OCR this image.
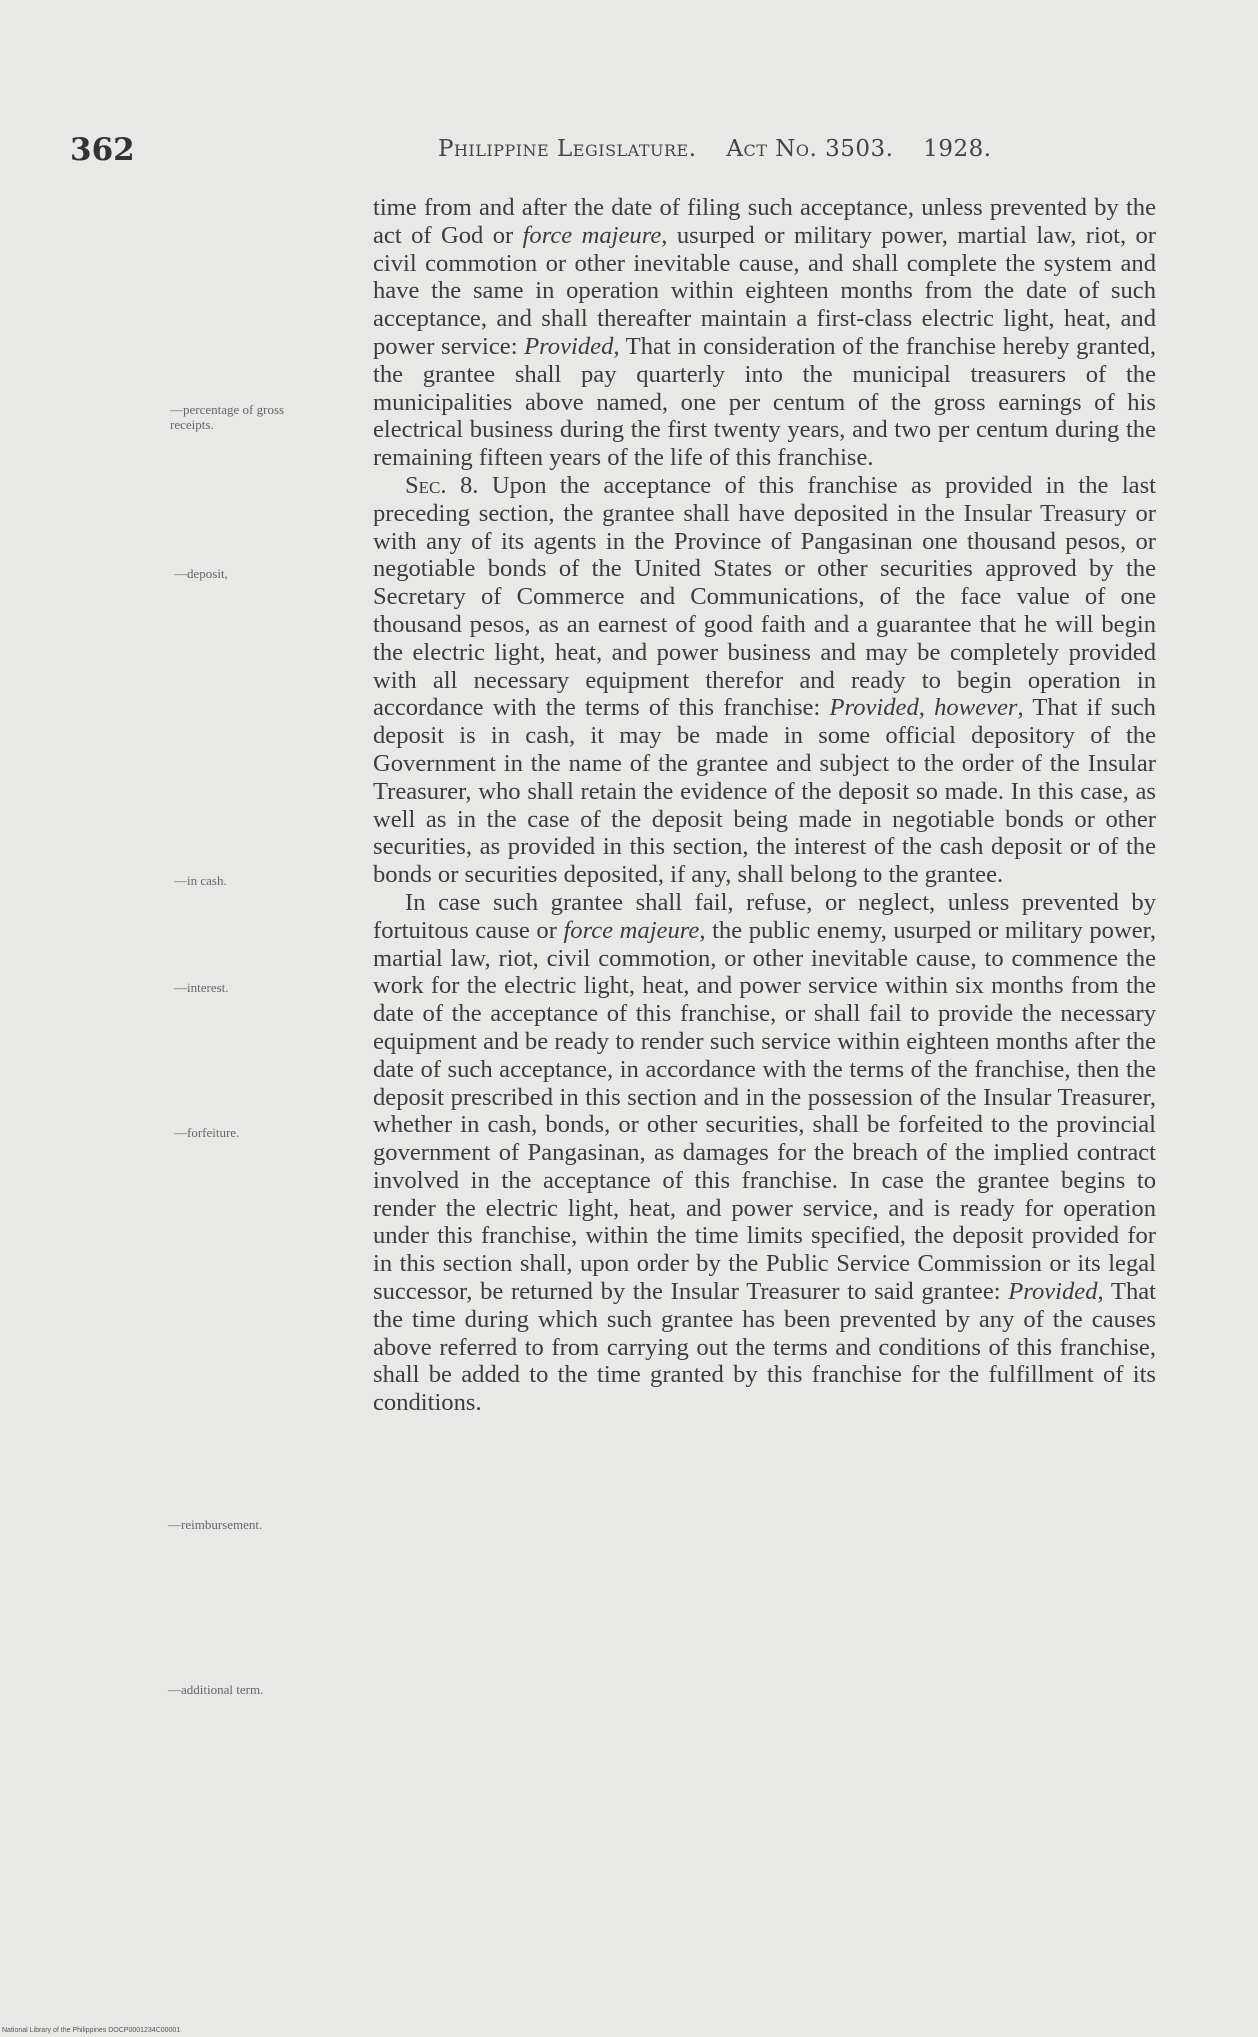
362	Philippine Legislature. Act No. 3503. 1928.
—percentage of gross
receipts.
—deposit,
—in cash.
—interest.
—forfeiture.
—reimbursement.
—additional term.

time from and after the date of filing such acceptance, unless prevented by the act of God or force majeure, usurped or military power, martial law, riot, or civil commotion or other inevitable cause, and shall complete the system and have the same in operation within eighteen months from the date of such acceptance, and shall thereafter maintain a first-class electric light, heat, and power service: Provided, That in consideration of the franchise hereby granted, the grantee shall pay quarterly into the municipal treasurers of the municipalities above named, one per centum of the gross earnings of his electrical business during the first twenty years, and two per centum during the remaining fifteen years of the life of this franchise.

Sec. 8. Upon the acceptance of this franchise as provided in the last preceding section, the grantee shall have deposited in the Insular Treasury or with any of its agents in the Province of Pangasinan one thousand pesos, or negotiable bonds of the United States or other securities approved by the Secretary of Commerce and Communications, of the face value of one thousand pesos, as an earnest of good faith and a guarantee that he will begin the electric light, heat, and power business and may be completely provided with all necessary equipment therefor and ready to begin operation in accordance with the terms of this franchise: Provided, however, That if such deposit is in cash, it may be made in some official depository of the Government in the name of the grantee and subject to the order of the Insular Treasurer, who shall retain the evidence of the deposit so made. In this case, as well as in the case of the deposit being made in negotiable bonds or other securities, as provided in this section, the interest of the cash deposit or of the bonds or securities deposited, if any, shall belong to the grantee.

In case such grantee shall fail, refuse, or neglect, unless prevented by fortuitous cause or force majeure, the public enemy, usurped or military power, martial law, riot, civil commotion, or other inevitable cause, to commence the work for the electric light, heat, and power service within six months from the date of the acceptance of this franchise, or shall fail to provide the necessary equipment and be ready to render such service within eighteen months after the date of such acceptance, in accordance with the terms of the franchise, then the deposit prescribed in this section and in the possession of the Insular Treasurer, whether in cash, bonds, or other securities, shall be forfeited to the provincial government of Pangasinan, as damages for the breach of the implied contract involved in the acceptance of this franchise. In case the grantee begins to render the electric light, heat, and power service, and is ready for operation under this franchise, within the time limits specified, the deposit provided for in this section shall, upon order by the Public Service Commission or its legal successor, be returned by the Insular Treasurer to said grantee: Provided, That the time during which such grantee has been prevented by any of the causes above referred to from carrying out the terms and conditions of this franchise, shall be added to the time granted by this franchise for the fulfillment of its conditions.

National Library of the Philippines DOCP0001234C00001
